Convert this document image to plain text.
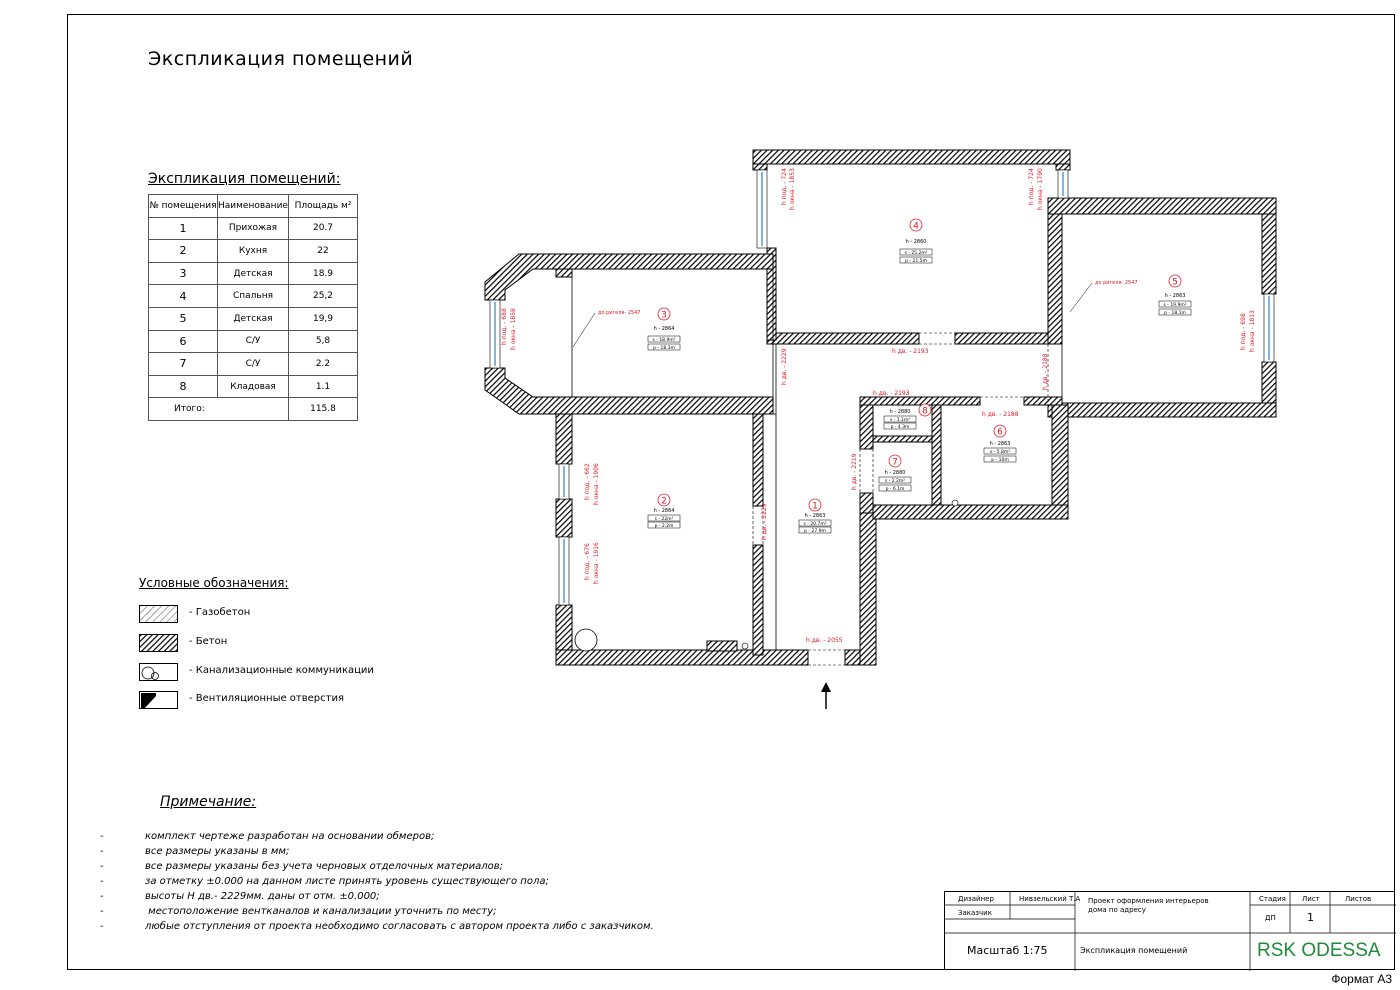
Экспликация помещений
Экспликация помещений:
№ помещения	Наименование	Площадь м²
1	Прихожая	20.7
2	Кухня	22
3	Детская	18.9
4	Спальня	25,2
5	Детская	19,9
6	С/У	5,8
7	С/У	2.2
8	Кладовая	1.1
Итого:		115.8
Условные обозначения:
- Газобетон
- Бетон
- Канализационные коммуникации
- Вентиляционные отверстия
Примечание:
-	комплект чертеже разработан на основании обмеров;
-	все размеры указаны в мм;
-	все размеры указаны без учета черновых отделочных материалов;
-	за отметку ±0.000 на данном листе принять уровень существующего пола;
-	высоты Н дв.- 2229мм. даны от отм. ±0.000;
-	местоположение вентканалов и канализации уточнить по месту;
-	любые отступления от проекта необходимо согласовать с автором проекта либо с заказчиком.
1
h - 2863
s - 20.7m²
p - 27.9m
2
h - 2864
s - 22m²
p - 2.2m
3
h - 2864
s - 18.9m²
p - 18.3m
4
h - 2860
s - 25.2m²
p - 21.5m
5
h - 2863
s - 19.9m²
p - 18.1m
6
h - 2863
s - 5.8m²
p - 10m
7
h - 2880
s - 2.2m²
p - 6.1m
8
h - 2880
s - 1.1m²
p - 4.3m
h дв. - 2055
h дв. - 2193
h дв. - 2193
h дв. - 2188
h дв. - 2229
h дв. - 2229
h дв. - 2188
h дв. - 2219
h под. - 688 h окна - 1858
h под. - 724 h окна - 1853	h под. - 724 h окна - 1790
h под. - 698 h окна - 1813
h под. - 662 h окна - 1906
h под. - 676 h окна - 1916
до ригеля- 2547
до ригеля- 2547
Дизайнер	Нивзельский Т.А
Заказчик
Проект оформления интерьеров дома по адресу
Стадия Лист	Листов
ДП	1
Масштаб 1:75	Экспликация помещений	RSK ODESSA
Формат А3
